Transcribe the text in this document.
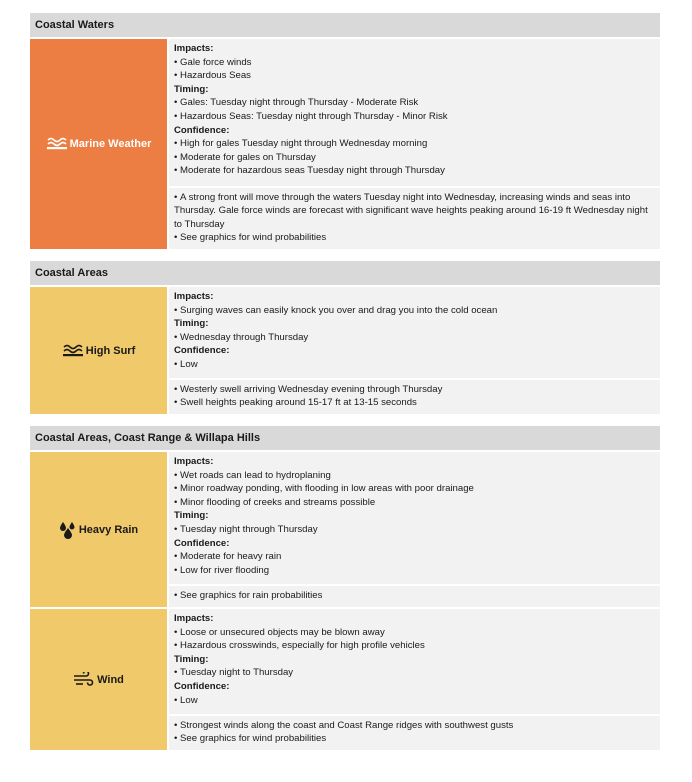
Coastal Waters
Marine Weather
Impacts:
• Gale force winds
• Hazardous Seas
Timing:
• Gales: Tuesday night through Thursday - Moderate Risk
• Hazardous Seas: Tuesday night through Thursday - Minor Risk
Confidence:
• High for gales Tuesday night through Wednesday morning
• Moderate for gales on Thursday
• Moderate for hazardous seas Tuesday night through Thursday
• A strong front will move through the waters Tuesday night into Wednesday, increasing winds and seas into Thursday. Gale force winds are forecast with significant wave heights peaking around 16-19 ft Wednesday night to Thursday
• See graphics for wind probabilities
Coastal Areas
High Surf
Impacts:
• Surging waves can easily knock you over and drag you into the cold ocean
Timing:
• Wednesday through Thursday
Confidence:
• Low
• Westerly swell arriving Wednesday evening through Thursday
• Swell heights peaking around 15-17 ft at 13-15 seconds
Coastal Areas, Coast Range & Willapa Hills
Heavy Rain
Impacts:
• Wet roads can lead to hydroplaning
• Minor roadway ponding, with flooding in low areas with poor drainage
• Minor flooding of creeks and streams possible
Timing:
• Tuesday night through Thursday
Confidence:
• Moderate for heavy rain
• Low for river flooding
• See graphics for rain probabilities
Wind
Impacts:
• Loose or unsecured objects may be blown away
• Hazardous crosswinds, especially for high profile vehicles
Timing:
• Tuesday night to Thursday
Confidence:
• Low
• Strongest winds along the coast and Coast Range ridges with southwest gusts
• See graphics for wind probabilities
